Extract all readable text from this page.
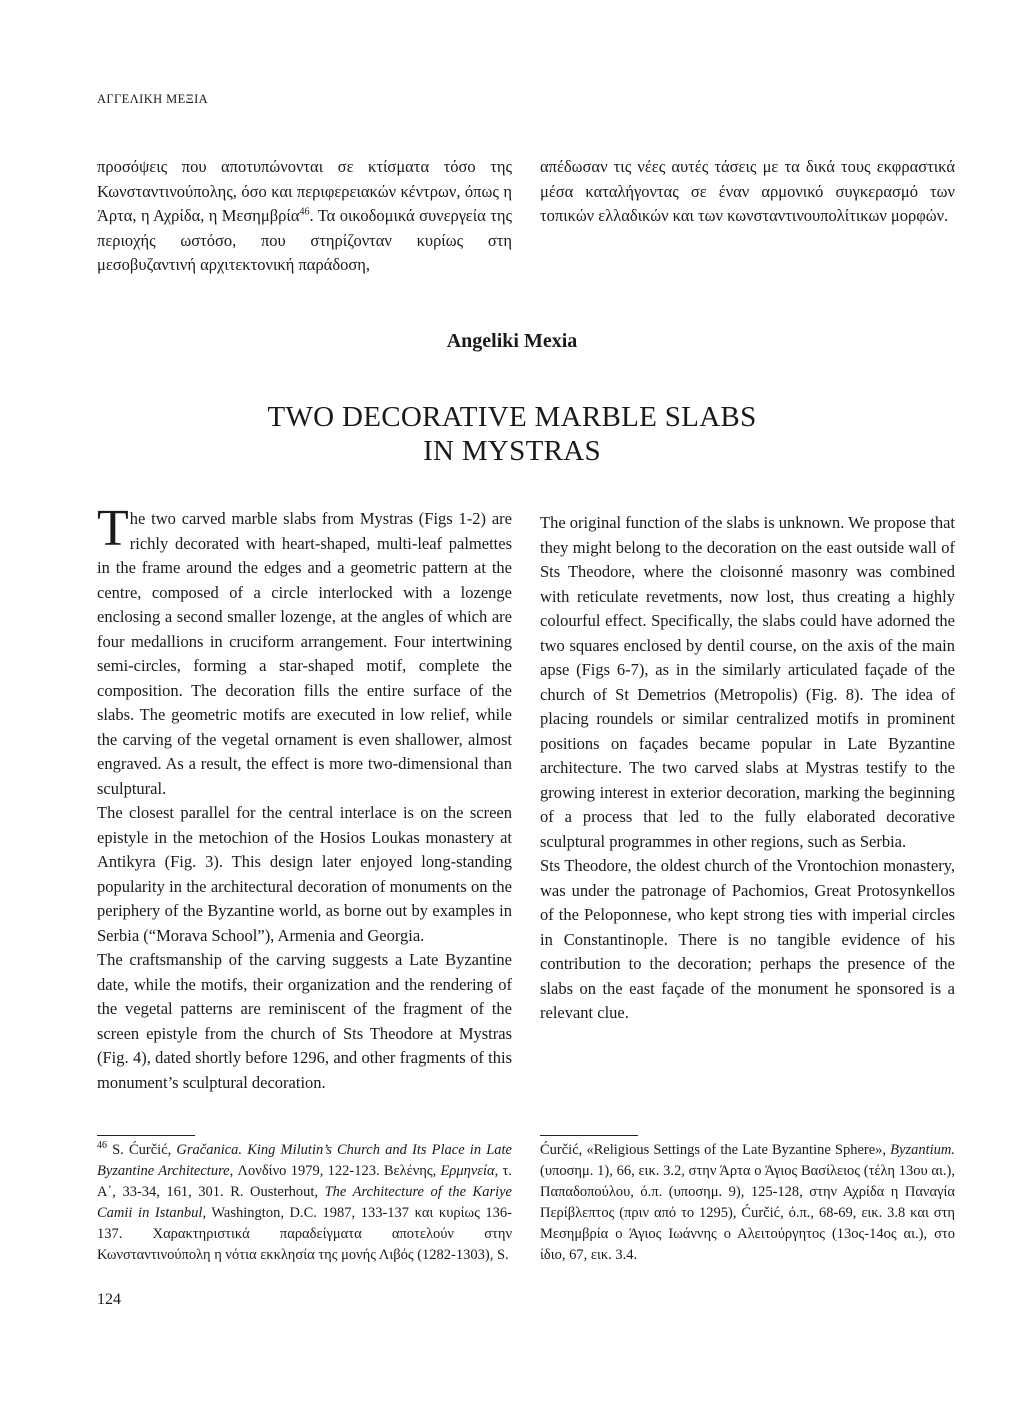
ΑΓΓΕΛΙΚΗ ΜΕΞΙΑ

προσόψεις που αποτυπώνονται σε κτίσματα τόσο της Κωνσταντινούπολης, όσο και περιφερειακών κέντρων, όπως η Άρτα, η Αχρίδα, η Μεσημβρία$^{46}$. Τα οικοδομικά συνεργεία της περιοχής ωστόσο, που στηρίζονταν κυρίως στη μεσοβυζαντινή αρχιτεκτονική παράδοση,

απέδωσαν τις νέες αυτές τάσεις με τα δικά τους εκφραστικά μέσα καταλήγοντας σε έναν αρμονικό συγκερασμό των τοπικών ελλαδικών και των κωνσταντινουπολίτικων μορφών.

Angeliki Mexia
TWO DECORATIVE MARBLE SLABS
IN MYSTRAS

The two carved marble slabs from Mystras (Figs 1-2) are richly decorated with heart-shaped, multi-leaf palmettes in the frame around the edges and a geometric pattern at the centre, composed of a circle interlocked with a lozenge enclosing a second smaller lozenge, at the angles of which are four medallions in cruciform arrangement. Four intertwining semi-circles, forming a star-shaped motif, complete the composition. The decoration fills the entire surface of the slabs. The geometric motifs are executed in low relief, while the carving of the vegetal ornament is even shallower, almost engraved. As a result, the effect is more two-dimensional than sculptural.

The closest parallel for the central interlace is on the screen epistyle in the metochion of the Hosios Loukas monastery at Antikyra (Fig. 3). This design later enjoyed long-standing popularity in the architectural decoration of monuments on the periphery of the Byzantine world, as borne out by examples in Serbia (“Morava School”), Armenia and Georgia.

The craftsmanship of the carving suggests a Late Byzantine date, while the motifs, their organization and the rendering of the vegetal patterns are reminiscent of the fragment of the screen epistyle from the church of Sts Theodore at Mystras (Fig. 4), dated shortly before 1296, and other fragments of this monument’s sculptural decoration.

The original function of the slabs is unknown. We propose that they might belong to the decoration on the east outside wall of Sts Theodore, where the cloisonné masonry was combined with reticulate revetments, now lost, thus creating a highly colourful effect. Specifically, the slabs could have adorned the two squares enclosed by dentil course, on the axis of the main apse (Figs 6-7), as in the similarly articulated façade of the church of St Demetrios (Metropolis) (Fig. 8). The idea of placing roundels or similar centralized motifs in prominent positions on façades became popular in Late Byzantine architecture. The two carved slabs at Mystras testify to the growing interest in exterior decoration, marking the beginning of a process that led to the fully elaborated decorative sculptural programmes in other regions, such as Serbia.

Sts Theodore, the oldest church of the Vrontochion monastery, was under the patronage of Pachomios, Great Protosynkellos of the Peloponnese, who kept strong ties with imperial circles in Constantinople. There is no tangible evidence of his contribution to the decoration; perhaps the presence of the slabs on the east façade of the monument he sponsored is a relevant clue.

$^{46}$ S. Ćurčić, Gračanica. King Milutin’s Church and Its Place in Late Byzantine Architecture, Λονδίνο 1979, 122-123. Βελένης, Ερμηνεία, τ. Α΄, 33-34, 161, 301. R. Ousterhout, The Architecture of the Kariye Camii in Istanbul, Washington, D.C. 1987, 133-137 και κυρίως 136-137. Χαρακτηριστικά παραδείγματα αποτελούν στην Κωνσταντινούπολη η νότια εκκλησία της μονής Λιβός (1282-1303), S.

Ćurčić, «Religious Settings of the Late Byzantine Sphere», Byzantium. (υποσημ. 1), 66, εικ. 3.2, στην Άρτα ο Άγιος Βασίλειος (τέλη 13ου αι.), Παπαδοπούλου, ό.π. (υποσημ. 9), 125-128, στην Αχρίδα η Παναγία Περίβλεπτος (πριν από το 1295), Ćurčić, ό.π., 68-69, εικ. 3.8 και στη Μεσημβρία ο Άγιος Ιωάννης ο Αλειτούργητος (13ος-14ος αι.), στο ίδιο, 67, εικ. 3.4.

124
